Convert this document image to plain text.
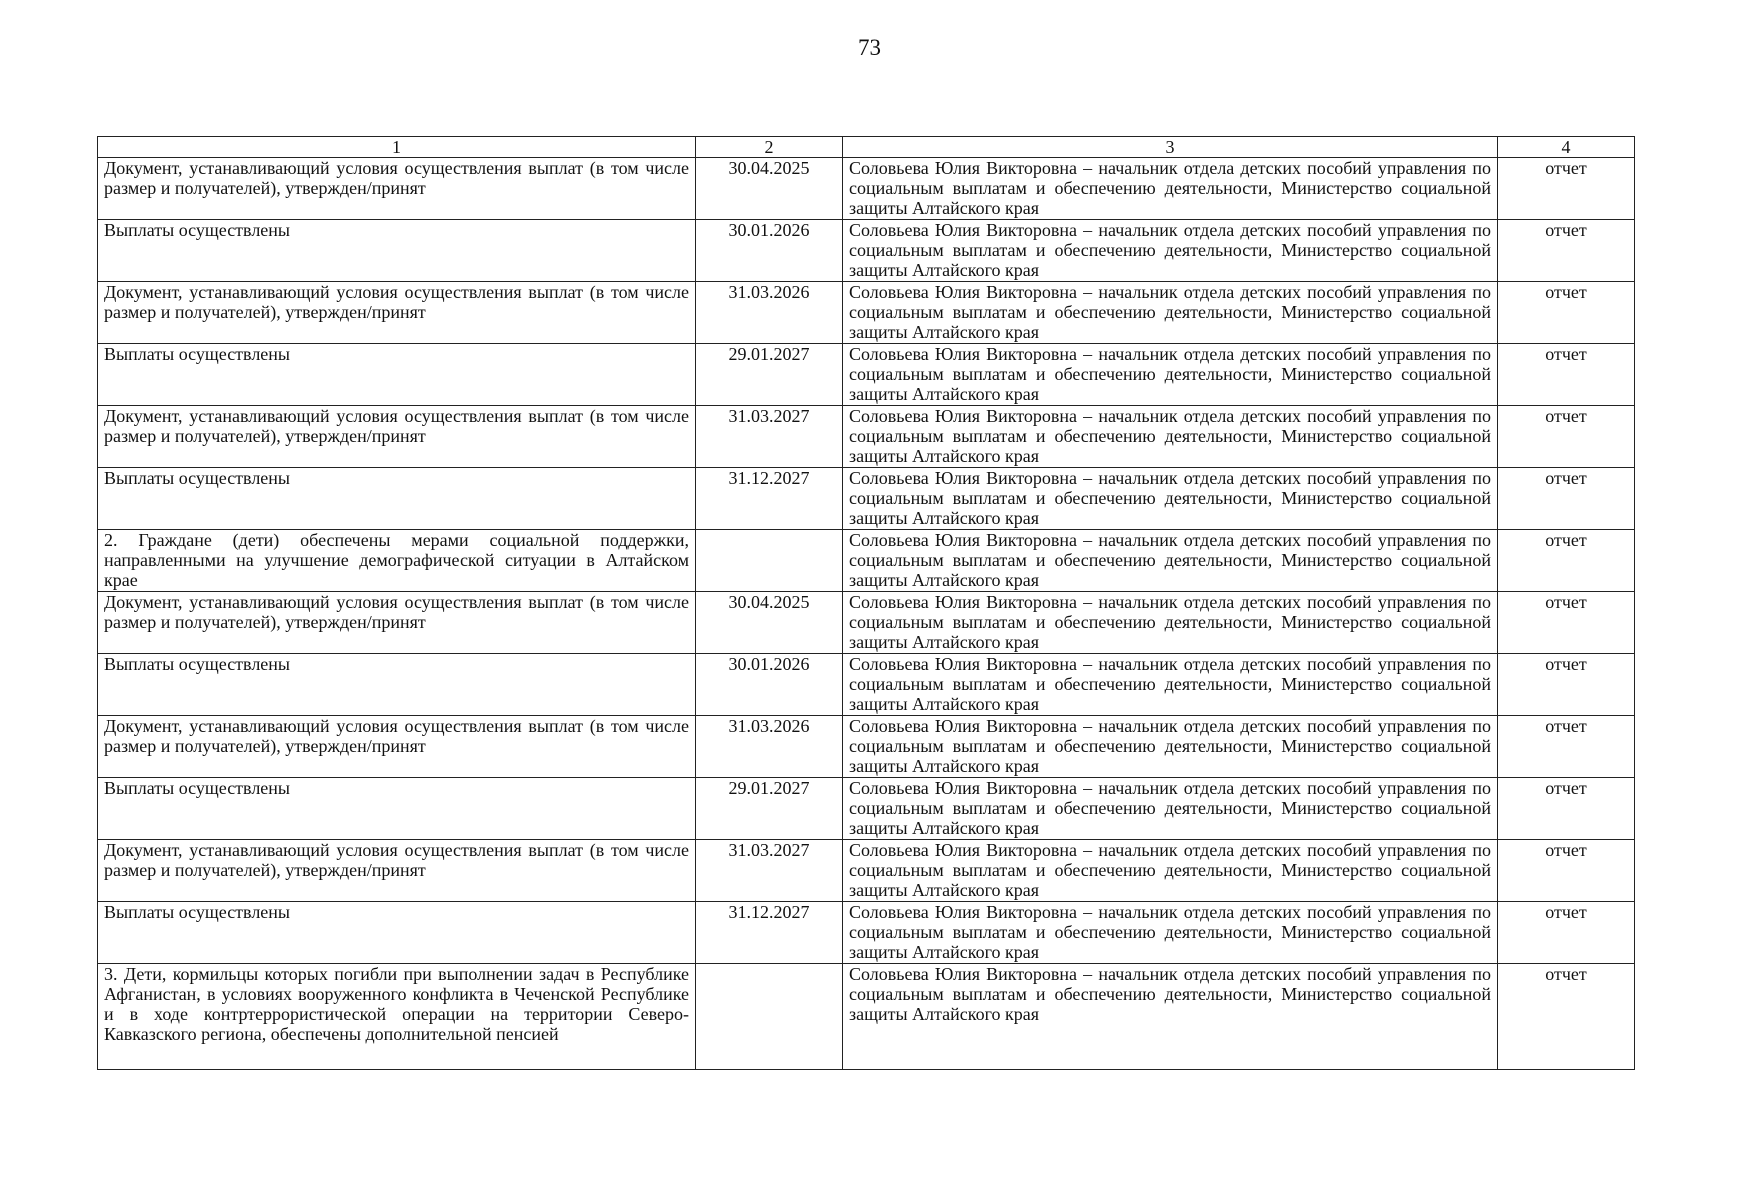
73
1	2	3	4
Документ, устанавливающий условия осуществления выплат (в том числе размер и получателей), утвержден/принят	30.04.2025	Соловьева Юлия Викторовна – начальник отдела детских пособий управления по социальным выплатам и обеспечению деятельности, Министерство социальной защиты Алтайского края	отчет
Выплаты осуществлены	30.01.2026	Соловьева Юлия Викторовна – начальник отдела детских пособий управления по социальным выплатам и обеспечению деятельности, Министерство социальной защиты Алтайского края	отчет
Документ, устанавливающий условия осуществления выплат (в том числе размер и получателей), утвержден/принят	31.03.2026	Соловьева Юлия Викторовна – начальник отдела детских пособий управления по социальным выплатам и обеспечению деятельности, Министерство социальной защиты Алтайского края	отчет
Выплаты осуществлены	29.01.2027	Соловьева Юлия Викторовна – начальник отдела детских пособий управления по социальным выплатам и обеспечению деятельности, Министерство социальной защиты Алтайского края	отчет
Документ, устанавливающий условия осуществления выплат (в том числе размер и получателей), утвержден/принят	31.03.2027	Соловьева Юлия Викторовна – начальник отдела детских пособий управления по социальным выплатам и обеспечению деятельности, Министерство социальной защиты Алтайского края	отчет
Выплаты осуществлены	31.12.2027	Соловьева Юлия Викторовна – начальник отдела детских пособий управления по социальным выплатам и обеспечению деятельности, Министерство социальной защиты Алтайского края	отчет
2. Граждане (дети) обеспечены мерами социальной поддержки, направленными на улучшение демографической ситуации в Алтайском крае		Соловьева Юлия Викторовна – начальник отдела детских пособий управления по социальным выплатам и обеспечению деятельности, Министерство социальной защиты Алтайского края	отчет
Документ, устанавливающий условия осуществления выплат (в том числе размер и получателей), утвержден/принят	30.04.2025	Соловьева Юлия Викторовна – начальник отдела детских пособий управления по социальным выплатам и обеспечению деятельности, Министерство социальной защиты Алтайского края	отчет
Выплаты осуществлены	30.01.2026	Соловьева Юлия Викторовна – начальник отдела детских пособий управления по социальным выплатам и обеспечению деятельности, Министерство социальной защиты Алтайского края	отчет
Документ, устанавливающий условия осуществления выплат (в том числе размер и получателей), утвержден/принят	31.03.2026	Соловьева Юлия Викторовна – начальник отдела детских пособий управления по социальным выплатам и обеспечению деятельности, Министерство социальной защиты Алтайского края	отчет
Выплаты осуществлены	29.01.2027	Соловьева Юлия Викторовна – начальник отдела детских пособий управления по социальным выплатам и обеспечению деятельности, Министерство социальной защиты Алтайского края	отчет
Документ, устанавливающий условия осуществления выплат (в том числе размер и получателей), утвержден/принят	31.03.2027	Соловьева Юлия Викторовна – начальник отдела детских пособий управления по социальным выплатам и обеспечению деятельности, Министерство социальной защиты Алтайского края	отчет
Выплаты осуществлены	31.12.2027	Соловьева Юлия Викторовна – начальник отдела детских пособий управления по социальным выплатам и обеспечению деятельности, Министерство социальной защиты Алтайского края	отчет
3. Дети, кормильцы которых погибли при выполнении задач в Республике Афганистан, в условиях вооруженного конфликта в Чеченской Республике и в ходе контртеррористической операции на территории Северо-Кавказского региона, обеспечены дополнительной пенсией		Соловьева Юлия Викторовна – начальник отдела детских пособий управления по социальным выплатам и обеспечению деятельности, Министерство социальной защиты Алтайского края	отчет
